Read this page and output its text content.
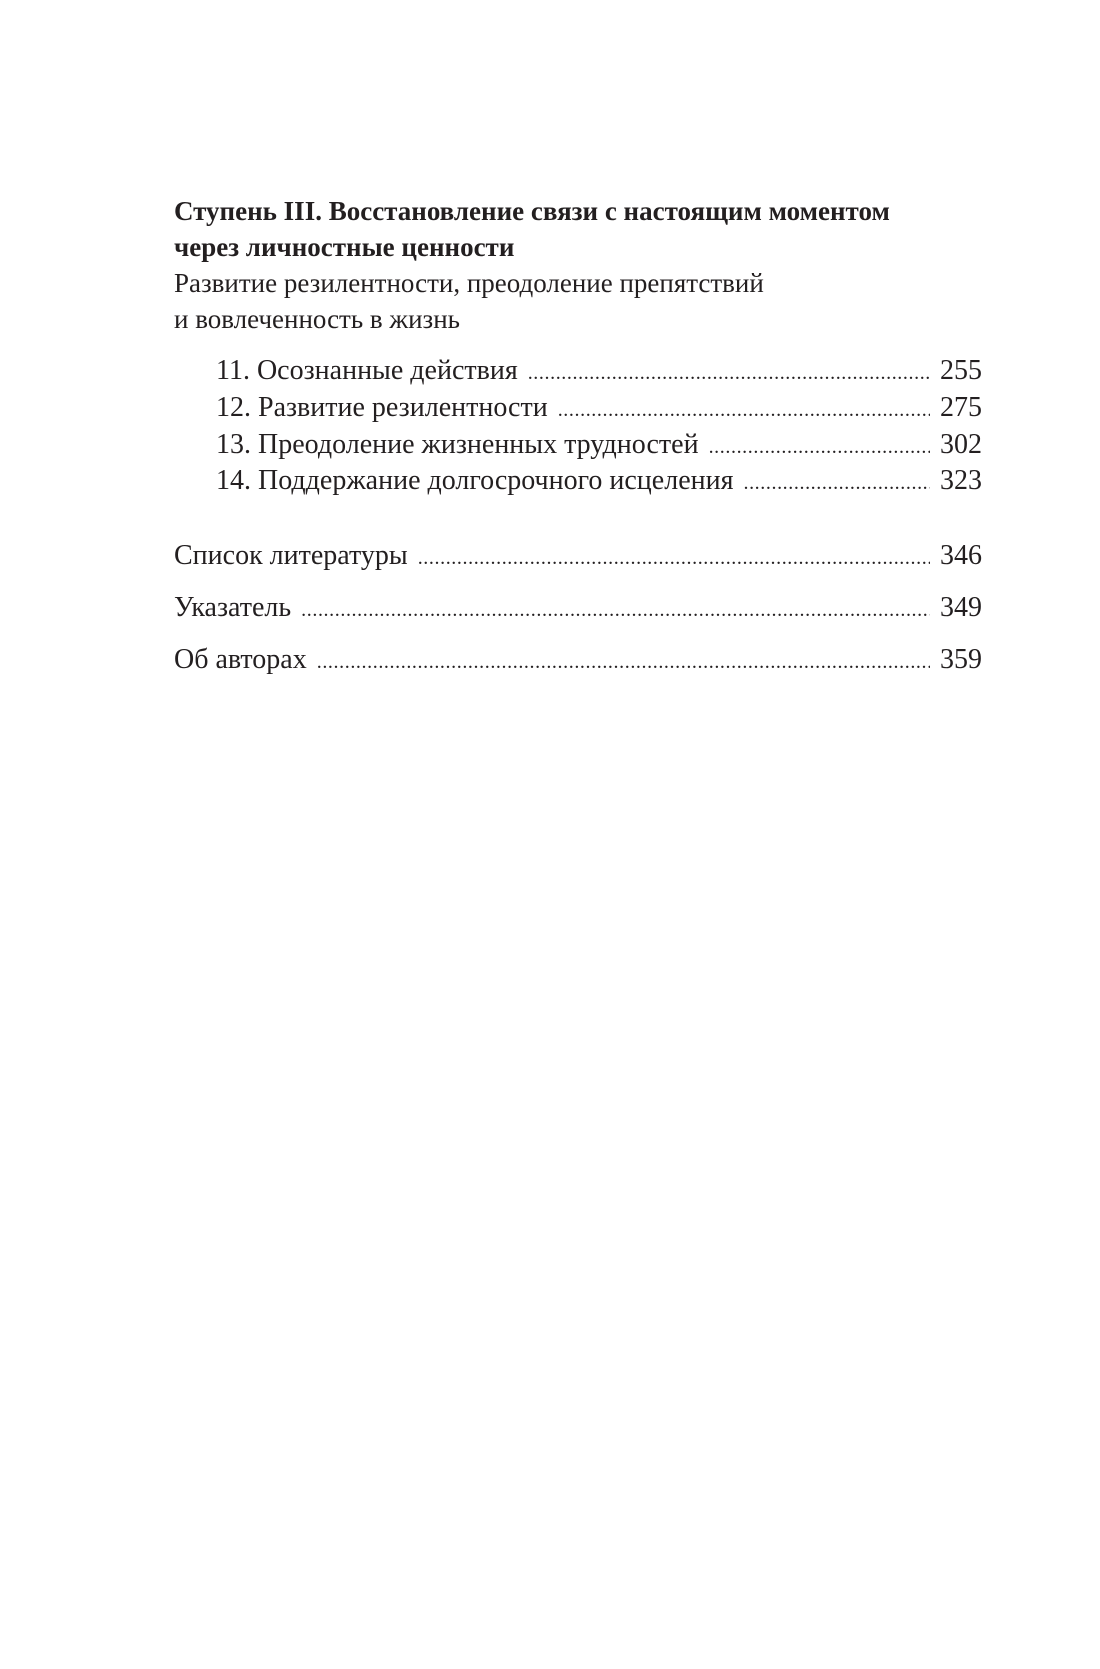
Ступень III. Восстановление связи с настоящим моментом

через личностные ценности

Развитие резилентности, преодоление препятствий

и вовлеченность в жизнь

11. Осознанные действия . . .	255
12. Развитие резилентности . . .	275
13. Преодоление жизненных трудностей . . .	302
14. Поддержание долгосрочного исцеления . . .	323
Список литературы . . .	346
Указатель . . .	349
Об авторах . . .	359
